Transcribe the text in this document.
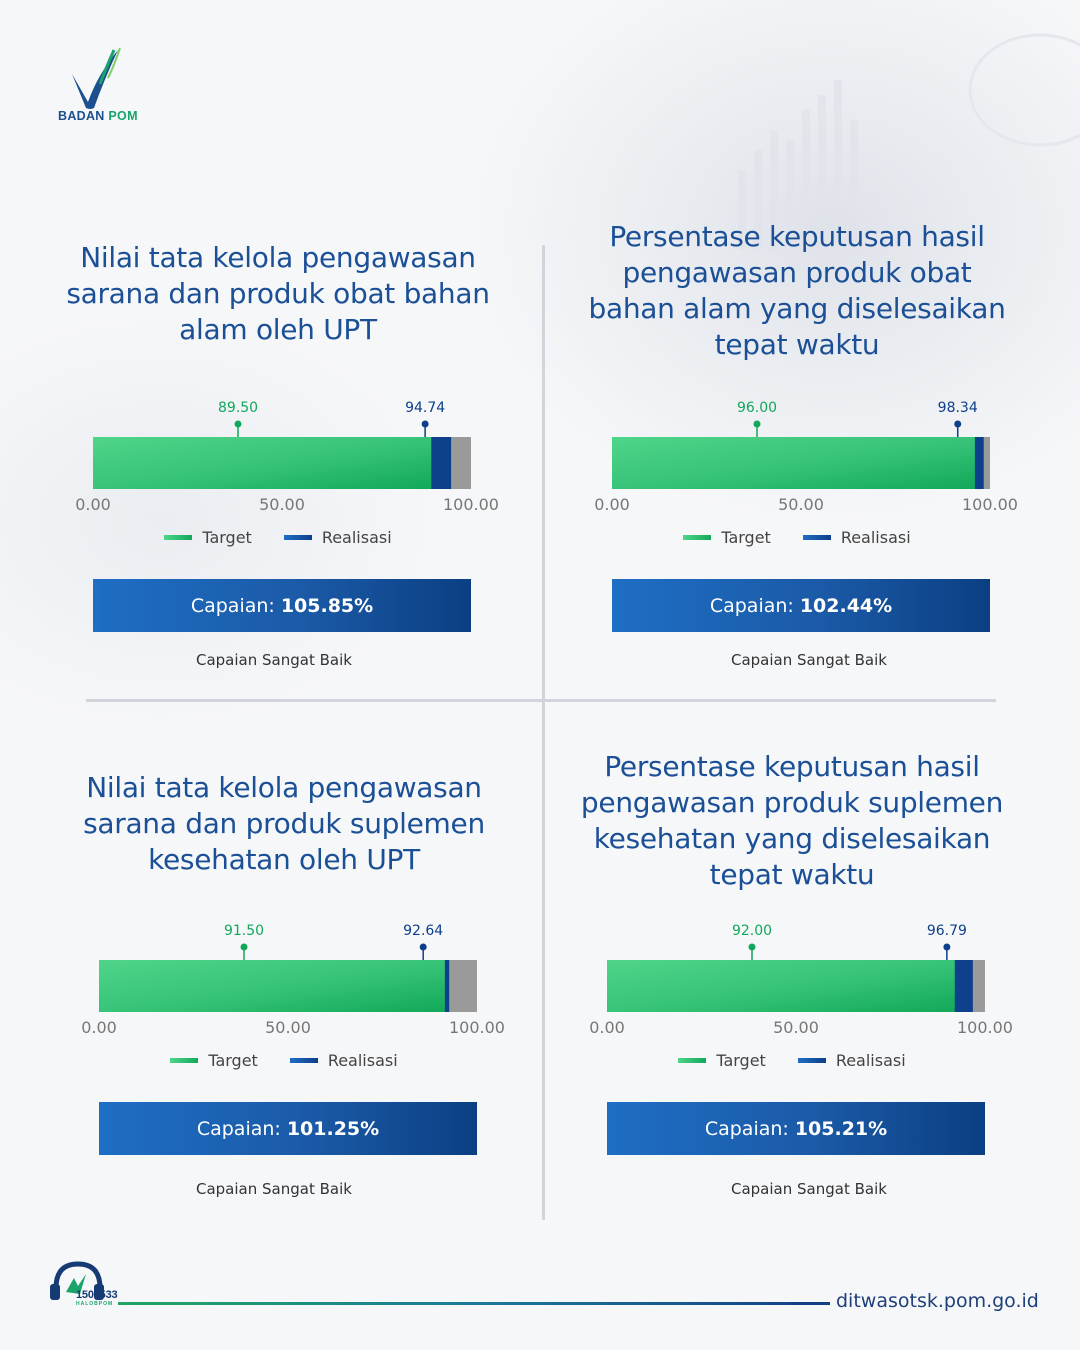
BADAN POM
Nilai tata kelola pengawasan
sarana dan produk obat bahan
alam oleh UPT
89.50	94.74
0.00	50.00	100.00
Target	Realisasi
Capaian: 105.85%
Capaian Sangat Baik
Persentase keputusan hasil
pengawasan produk obat
bahan alam yang diselesaikan
tepat waktu
96.00	98.34
0.00	50.00	100.00
Target	Realisasi
Capaian: 102.44%
Capaian Sangat Baik
Nilai tata kelola pengawasan
sarana dan produk suplemen
kesehatan oleh UPT
91.50	92.64
0.00	50.00	100.00
Target	Realisasi
Capaian: 101.25%
Capaian Sangat Baik
Persentase keputusan hasil
pengawasan produk suplemen
kesehatan yang diselesaikan
tepat waktu
92.00	96.79
0.00	50.00	100.00
Target	Realisasi
Capaian: 105.21%
Capaian Sangat Baik
1500533
HALOBPOM	ditwasotsk.pom.go.id
